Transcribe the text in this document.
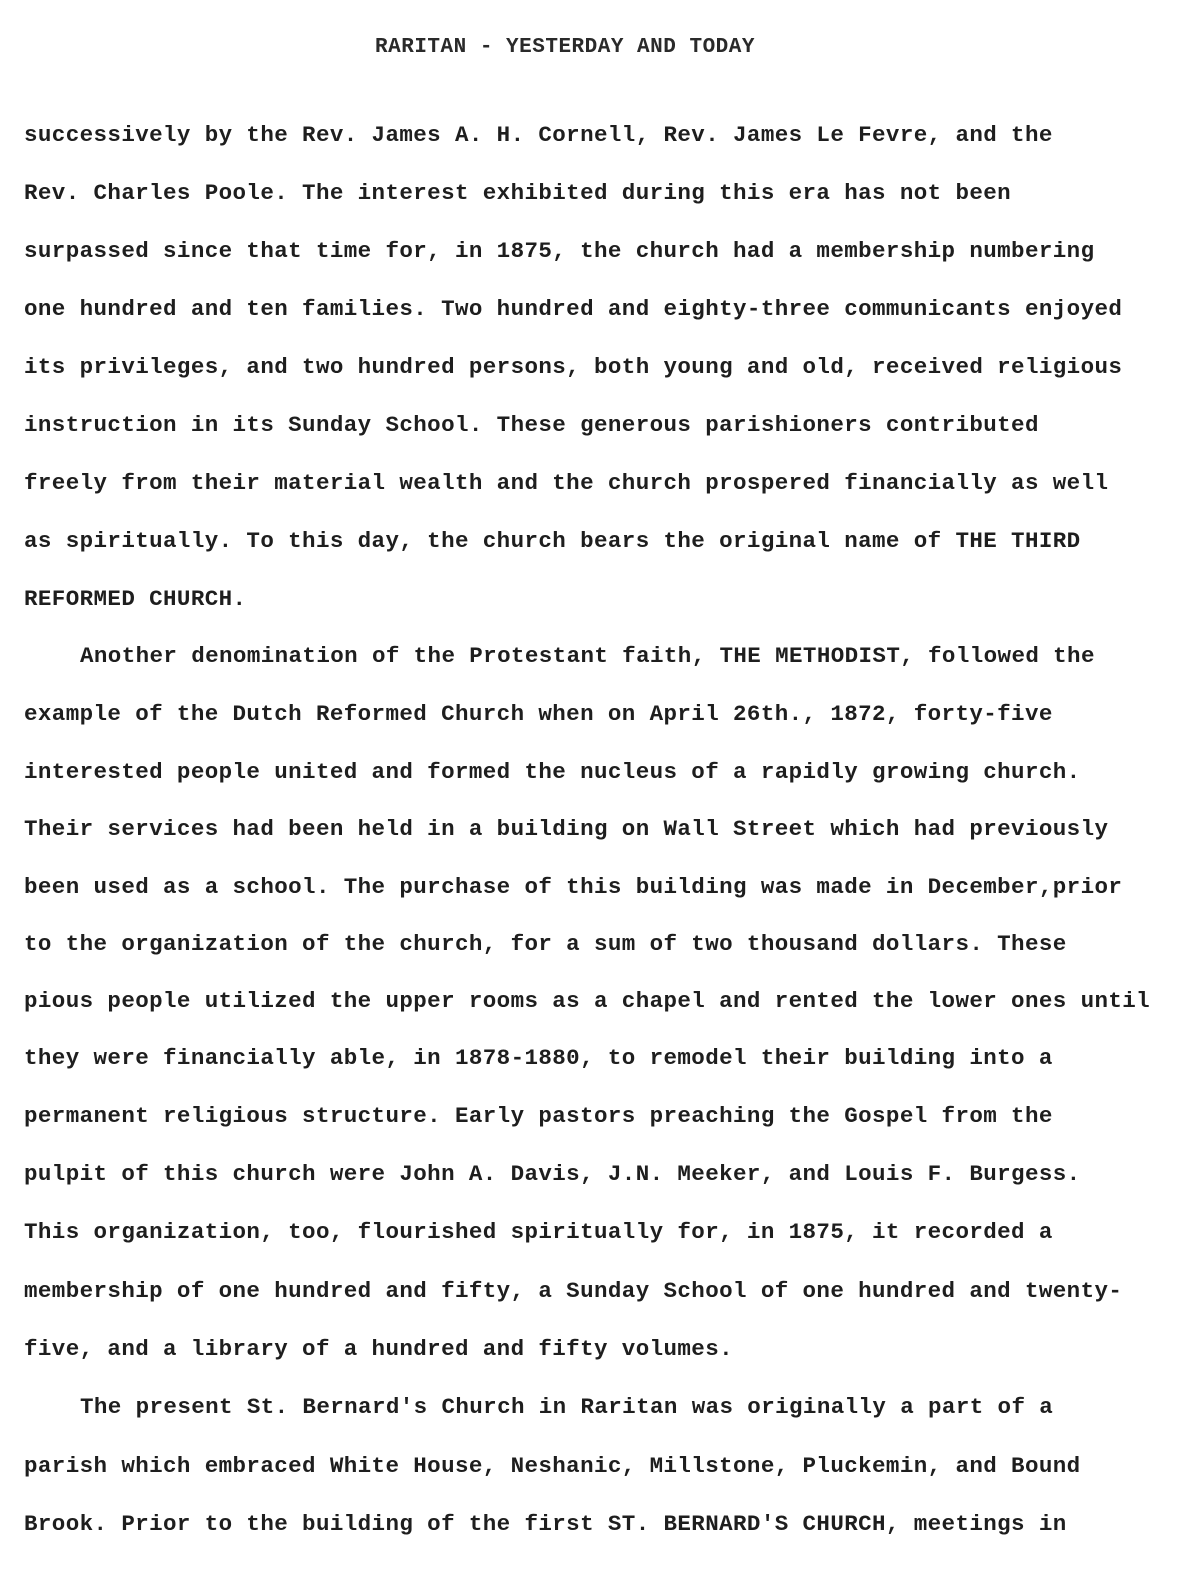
RARITAN - YESTERDAY AND TODAY
successively by the Rev. James A. H. Cornell, Rev. James Le Fevre, and the
Rev. Charles Poole. The interest exhibited during this era has not been
surpassed since that time for, in 1875, the church had a membership numbering
one hundred and ten families. Two hundred and eighty-three communicants enjoyed
its privileges, and two hundred persons, both young and old, received religious
instruction in its Sunday School. These generous parishioners contributed
freely from their material wealth and the church prospered financially as well
as spiritually. To this day, the church bears the original name of THE THIRD
REFORMED CHURCH.
Another denomination of the Protestant faith, THE METHODIST, followed the
example of the Dutch Reformed Church when on April 26th., 1872, forty-five
interested people united and formed the nucleus of a rapidly growing church.
Their services had been held in a building on Wall Street which had previously
been used as a school. The purchase of this building was made in December,prior
to the organization of the church, for a sum of two thousand dollars. These
pious people utilized the upper rooms as a chapel and rented the lower ones until
they were financially able, in 1878-1880, to remodel their building into a
permanent religious structure. Early pastors preaching the Gospel from the
pulpit of this church were John A. Davis, J.N. Meeker, and Louis F. Burgess.
This organization, too, flourished spiritually for, in 1875, it recorded a
membership of one hundred and fifty, a Sunday School of one hundred and twenty-
five, and a library of a hundred and fifty volumes.
The present St. Bernard's Church in Raritan was originally a part of a
parish which embraced White House, Neshanic, Millstone, Pluckemin, and Bound
Brook. Prior to the building of the first ST. BERNARD'S CHURCH, meetings in
